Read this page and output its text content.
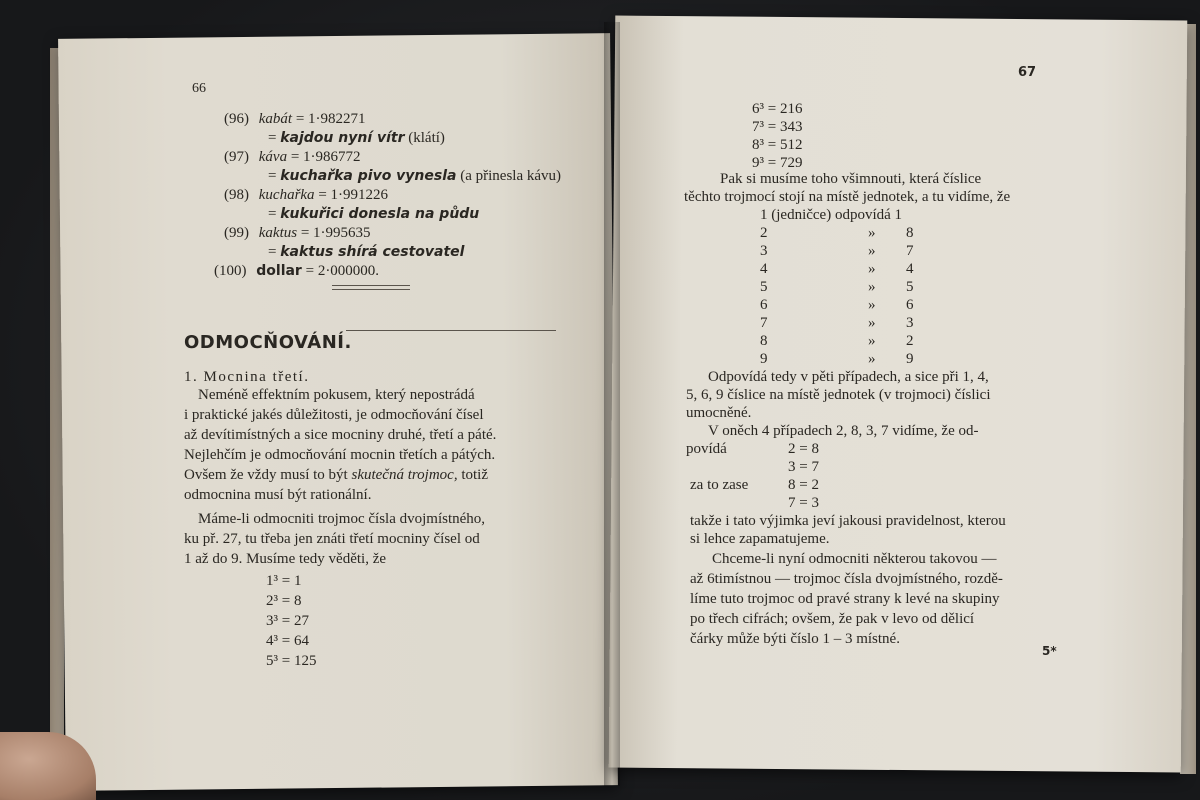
66
(96) kabát = 1·982271
= kajdou nyní vítr (klátí)
(97) káva = 1·986772
= kuchařka pivo vynesla (a přinesla kávu)
(98) kuchařka = 1·991226
= kukuřici donesla na půdu
(99) kaktus = 1·995635
= kaktus shírá cestovatel
(100) dollar = 2·000000.
ODMOCŇOVÁNÍ.
1. Mocnina třetí.
Neméně effektním pokusem, který nepostrádá
i praktické jakés důležitosti, je odmocňování čísel
až devítimístných a sice mocniny druhé, třetí a páté.
Nejlehčím je odmocňování mocnin třetích a pátých.
Ovšem že vždy musí to být skutečná trojmoc, totiž
odmocnina musí být rationální.
Máme-li odmocniti trojmoc čísla dvojmístného,
ku př. 27, tu třeba jen znáti třetí mocniny čísel od
1 až do 9. Musíme tedy věděti, že
1³ = 1
2³ = 8
3³ = 27
4³ = 64
5³ = 125
67
6³ = 216
7³ = 343
8³ = 512
9³ = 729
Pak si musíme toho všimnouti, která číslice
těchto trojmocí stojí na místě jednotek, a tu vidíme, že
1 (jedničce) odpovídá 1
2	» 8
3	» 7
4	» 4
5	» 5
6	» 6
7	» 3
8	» 2
9	» 9
Odpovídá tedy v pěti případech, a sice při 1, 4,
5, 6, 9 číslice na místě jednotek (v trojmoci) číslici
umocněné.
V oněch 4 případech 2, 8, 3, 7 vidíme, že od-
povídá	2 = 8
3 = 7
za to zase	8 = 2
7 = 3
takže i tato výjimka jeví jakousi pravidelnost, kterou
si lehce zapamatujeme.
Chceme-li nyní odmocniti některou takovou —
až 6timístnou — trojmoc čísla dvojmístného, rozdě-
líme tuto trojmoc od pravé strany k levé na skupiny
po třech cifrách; ovšem, že pak v levo od dělicí
čárky může býti číslo 1 – 3 místné.
5*
